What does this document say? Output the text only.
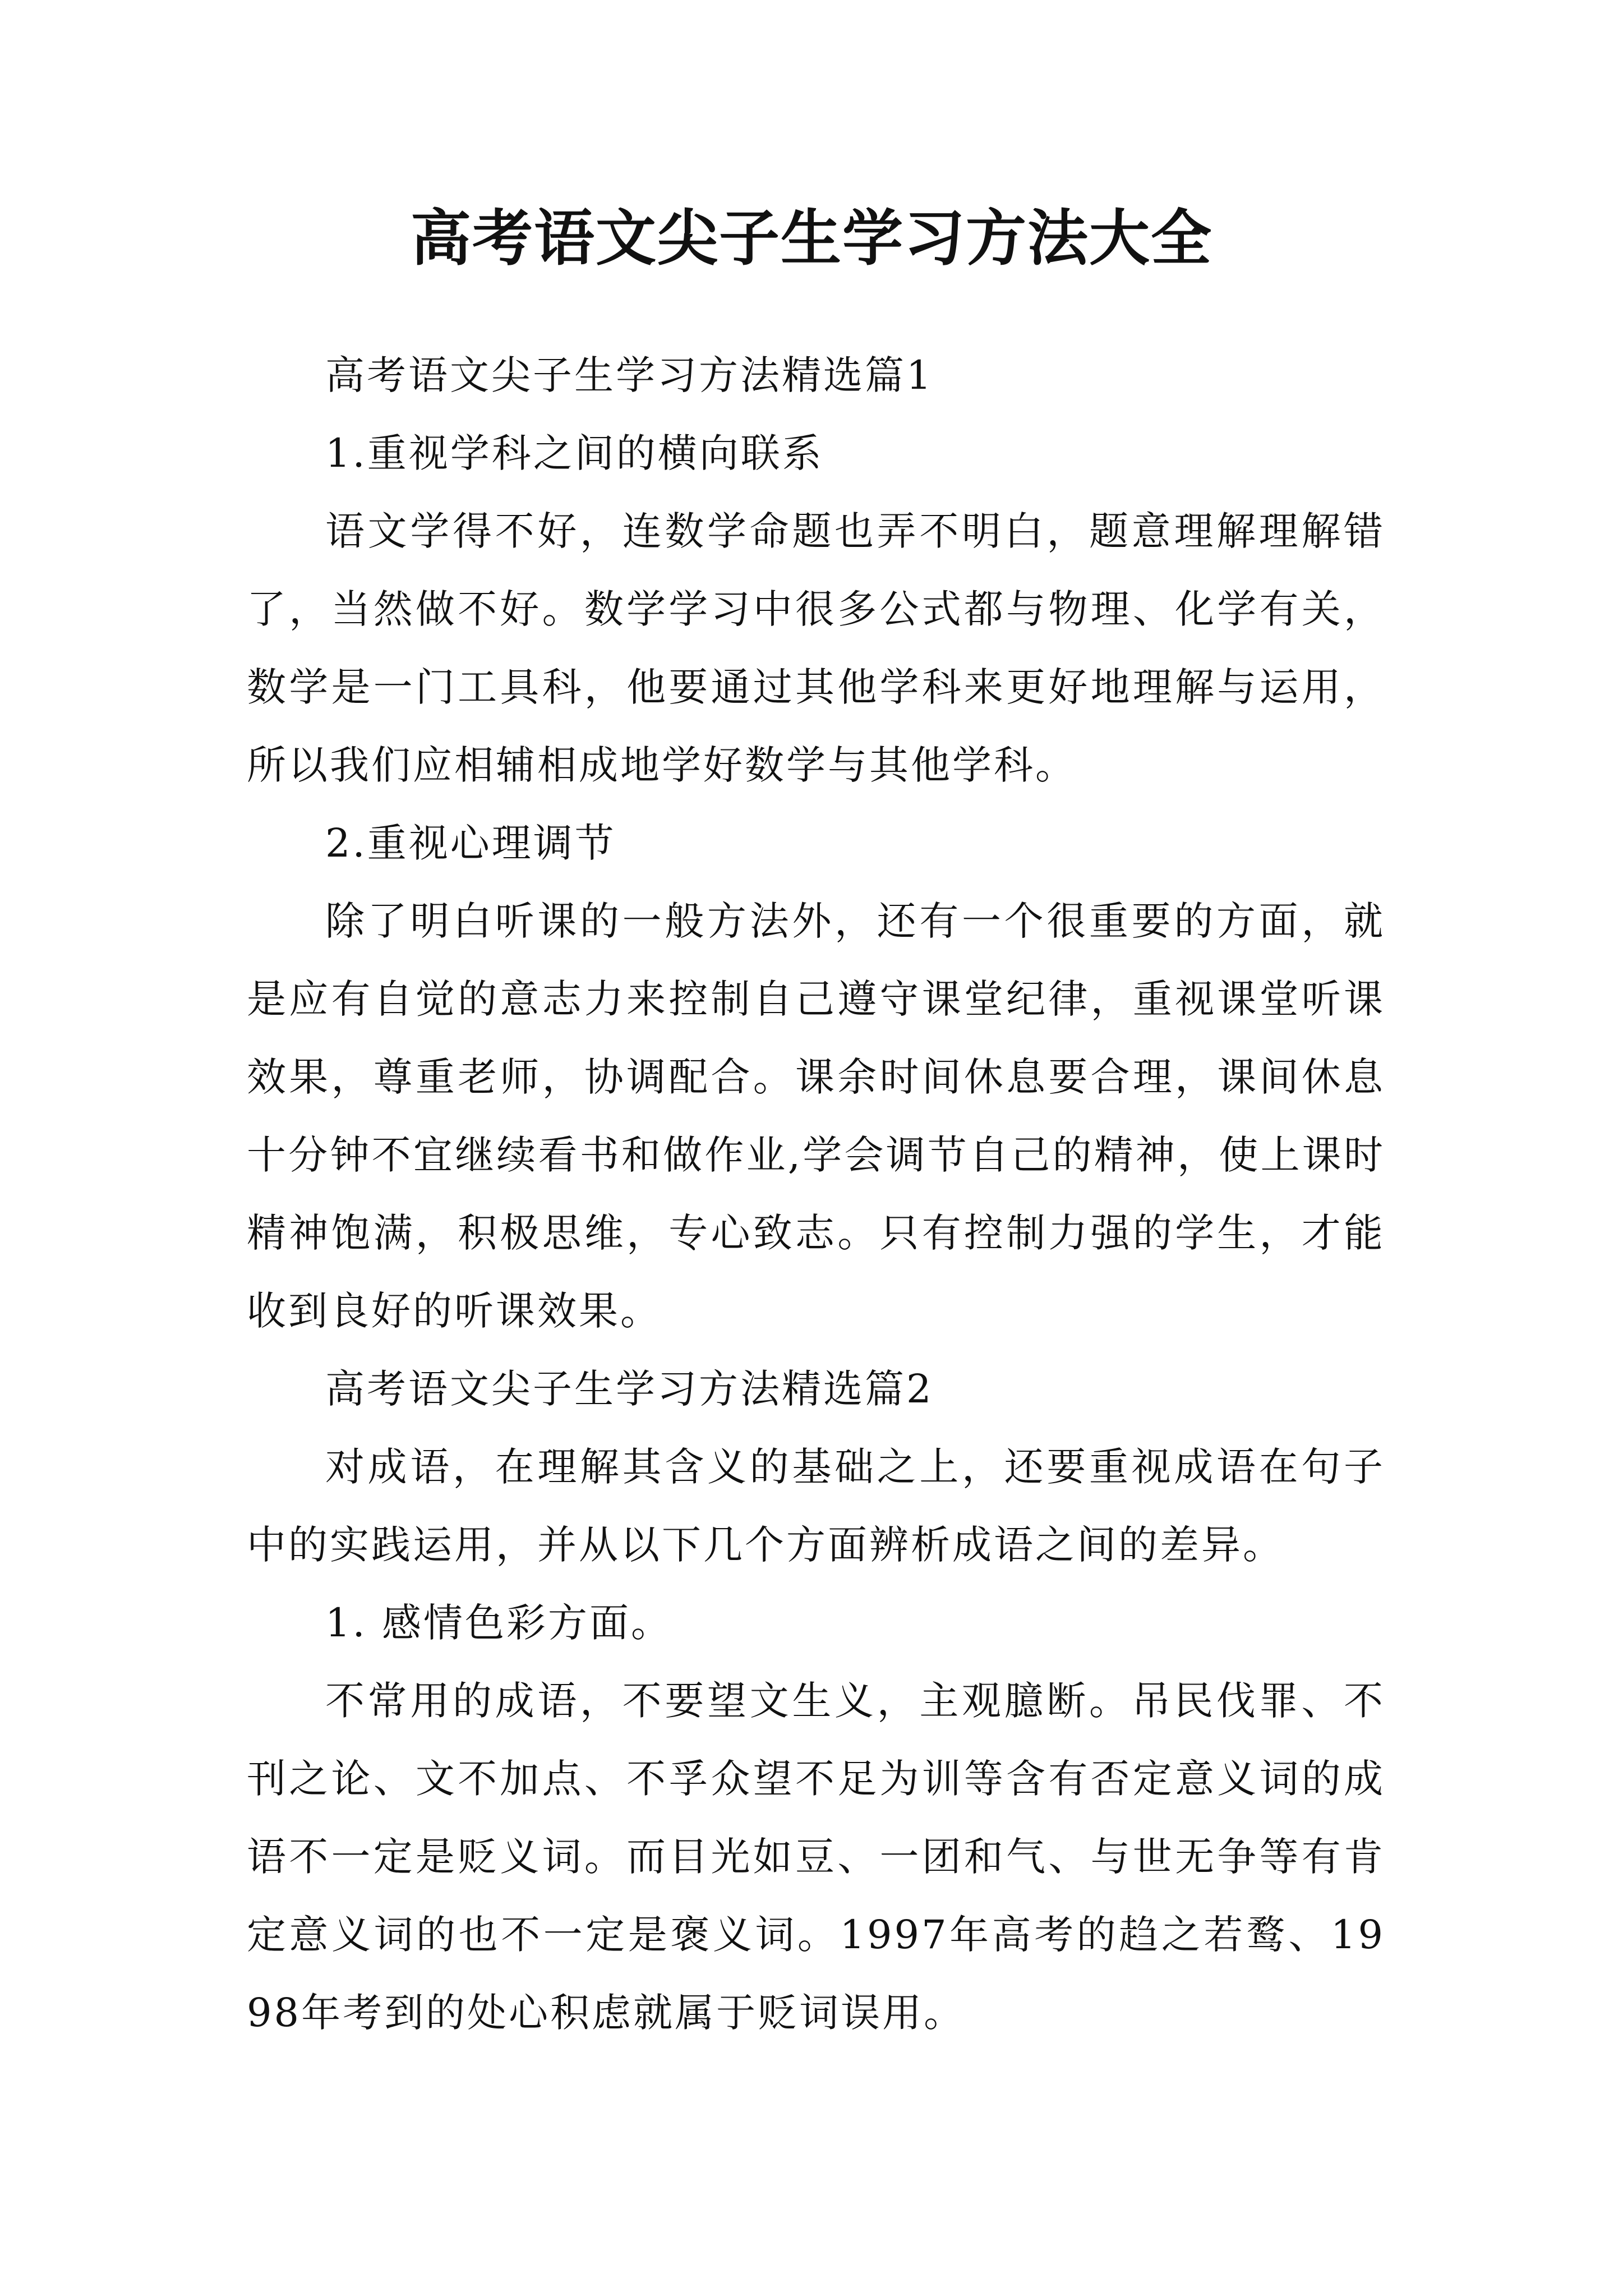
高考语文尖子生学习方法大全

高考语文尖子生学习方法精选篇1

1.重视学科之间的横向联系

语文学得不好，连数学命题也弄不明白，题意理解理解错了，当然做不好。数学学习中很多公式都与物理、化学有关，数学是一门工具科，他要通过其他学科来更好地理解与运用，所以我们应相辅相成地学好数学与其他学科。

2.重视心理调节

除了明白听课的一般方法外，还有一个很重要的方面，就是应有自觉的意志力来控制自己遵守课堂纪律，重视课堂听课效果，尊重老师，协调配合。课余时间休息要合理，课间休息十分钟不宜继续看书和做作业,学会调节自己的精神，使上课时精神饱满，积极思维，专心致志。只有控制力强的学生，才能收到良好的听课效果。

高考语文尖子生学习方法精选篇2

对成语，在理解其含义的基础之上，还要重视成语在句子中的实践运用，并从以下几个方面辨析成语之间的差异。

1. 感情色彩方面。

不常用的成语，不要望文生义，主观臆断。吊民伐罪、不刊之论、文不加点、不孚众望不足为训等含有否定意义词的成语不一定是贬义词。而目光如豆、一团和气、与世无争等有肯定意义词的也不一定是褒义词。1997年高考的趋之若鹜、1998年考到的处心积虑就属于贬词误用。
